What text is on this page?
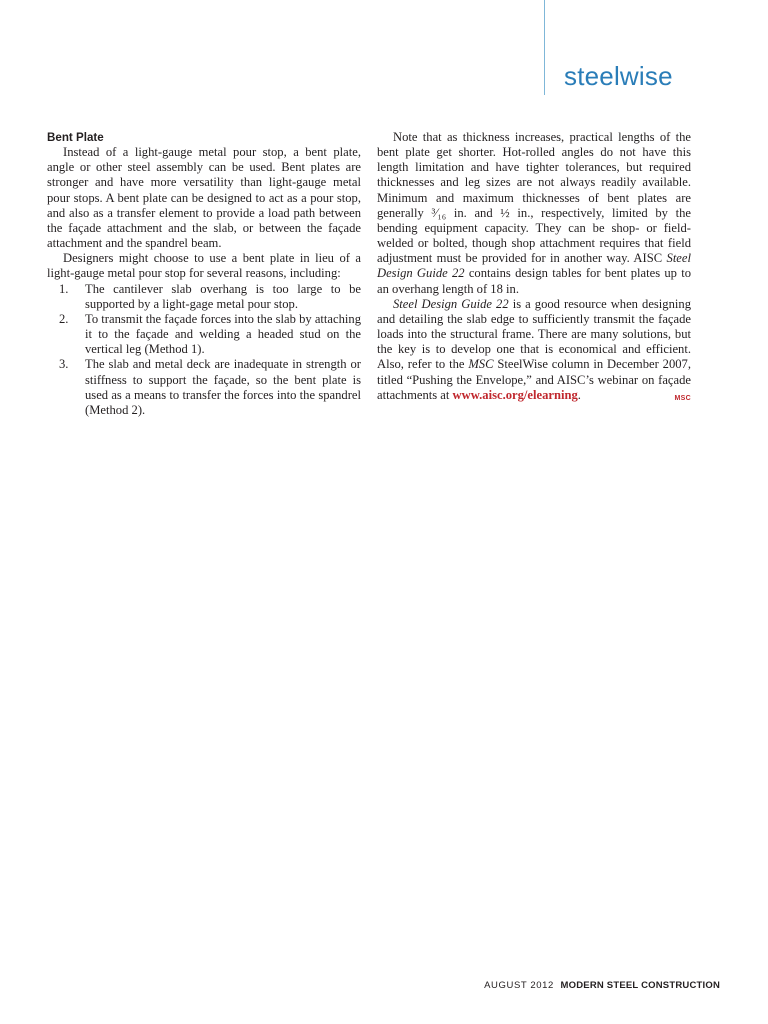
steelwise
Bent Plate

Instead of a light-gauge metal pour stop, a bent plate, angle or other steel assembly can be used. Bent plates are stronger and have more versatility than light-gauge metal pour stops. A bent plate can be designed to act as a pour stop, and also as a transfer element to provide a load path between the façade attachment and the slab, or between the façade attachment and the spandrel beam.

Designers might choose to use a bent plate in lieu of a light-gauge metal pour stop for several reasons, including:

1. The cantilever slab overhang is too large to be supported by a light-gage metal pour stop.
2. To transmit the façade forces into the slab by attaching it to the façade and welding a headed stud on the vertical leg (Method 1).
3. The slab and metal deck are inadequate in strength or stiffness to support the façade, so the bent plate is used as a means to transfer the forces into the spandrel (Method 2).

Note that as thickness increases, practical lengths of the bent plate get shorter. Hot-rolled angles do not have this length limitation and have tighter tolerances, but required thicknesses and leg sizes are not always readily available. Minimum and maximum thicknesses of bent plates are generally ³⁄₁₆ in. and ½ in., respectively, limited by the bending equipment capacity. They can be shop- or field-welded or bolted, though shop attachment requires that field adjustment must be provided for in another way. AISC Steel Design Guide 22 contains design tables for bent plates up to an overhang length of 18 in.

Steel Design Guide 22 is a good resource when designing and detailing the slab edge to sufficiently transmit the façade loads into the structural frame. There are many solutions, but the key is to develop one that is economical and efficient. Also, refer to the MSC SteelWise column in December 2007, titled “Pushing the Envelope,” and AISC’s webinar on façade attachments at www.aisc.org/elearning.	MSC

AUGUST 2012 MODERN STEEL CONSTRUCTION
